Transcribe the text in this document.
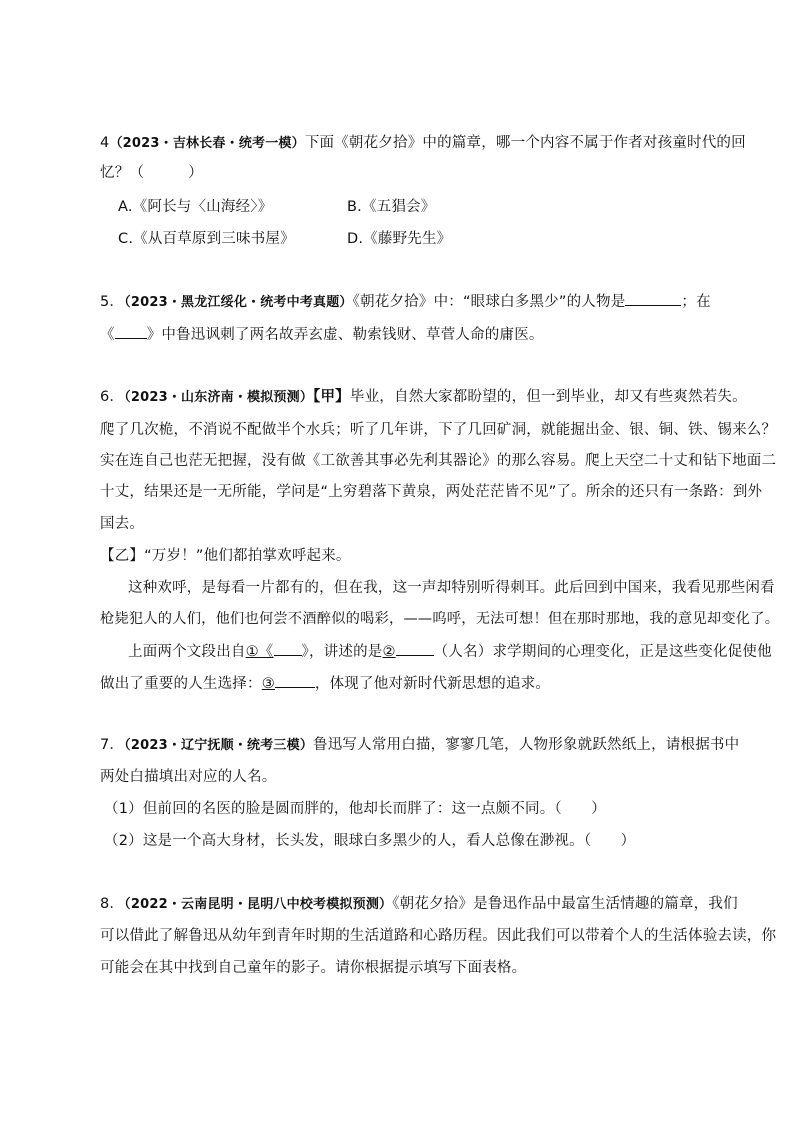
4（2023・吉林长春・统考一模）下面《朝花夕拾》中的篇章，哪一个内容不属于作者对孩童时代的回
忆？（　　　）
A.《阿长与〈山海经〉》	B.《五猖会》
C.《从百草原到三味书屋》	D.《藤野先生》
5．（2023・黑龙江绥化・统考中考真题）《朝花夕拾》中：“眼球白多黑少”的人物是	；在
《 》中鲁迅讽刺了两名故弄玄虚、勒索钱财、草菅人命的庸医。
6．（2023・山东济南・模拟预测）【甲】毕业，自然大家都盼望的，但一到毕业，却又有些爽然若失。
爬了几次桅，不消说不配做半个水兵；听了几年讲，下了几回矿洞，就能掘出金、银、铜、铁、锡来么？
实在连自己也茫无把握，没有做《工欲善其事必先利其器论》的那么容易。爬上天空二十丈和钻下地面二
十丈，结果还是一无所能，学问是“上穷碧落下黄泉，两处茫茫皆不见”了。所余的还只有一条路：到外
国去。
【乙】“万岁！”他们都拍掌欢呼起来。
这种欢呼，是每看一片都有的，但在我，这一声却特别听得刺耳。此后回到中国来，我看见那些闲看
枪毙犯人的人们，他们也何尝不酒醉似的喝彩，——呜呼，无法可想！但在那时那地，我的意见却变化了。
上面两个文段出自①《 》，讲述的是②	（人名）求学期间的心理变化，正是这些变化促使他
做出了重要的人生选择：③	，体现了他对新时代新思想的追求。
7．（2023・辽宁抚顺・统考三模）鲁迅写人常用白描，寥寥几笔，人物形象就跃然纸上，请根据书中
两处白描填出对应的人名。
（1）但前回的名医的脸是圆而胖的，他却长而胖了：这一点颇不同。（　　）
（2）这是一个高大身材，长头发，眼球白多黑少的人，看人总像在渺视。（　　）
8．（2022・云南昆明・昆明八中校考模拟预测）《朝花夕拾》是鲁迅作品中最富生活情趣的篇章，我们
可以借此了解鲁迅从幼年到青年时期的生活道路和心路历程。因此我们可以带着个人的生活体验去读，你
可能会在其中找到自己童年的影子。请你根据提示填写下面表格。
